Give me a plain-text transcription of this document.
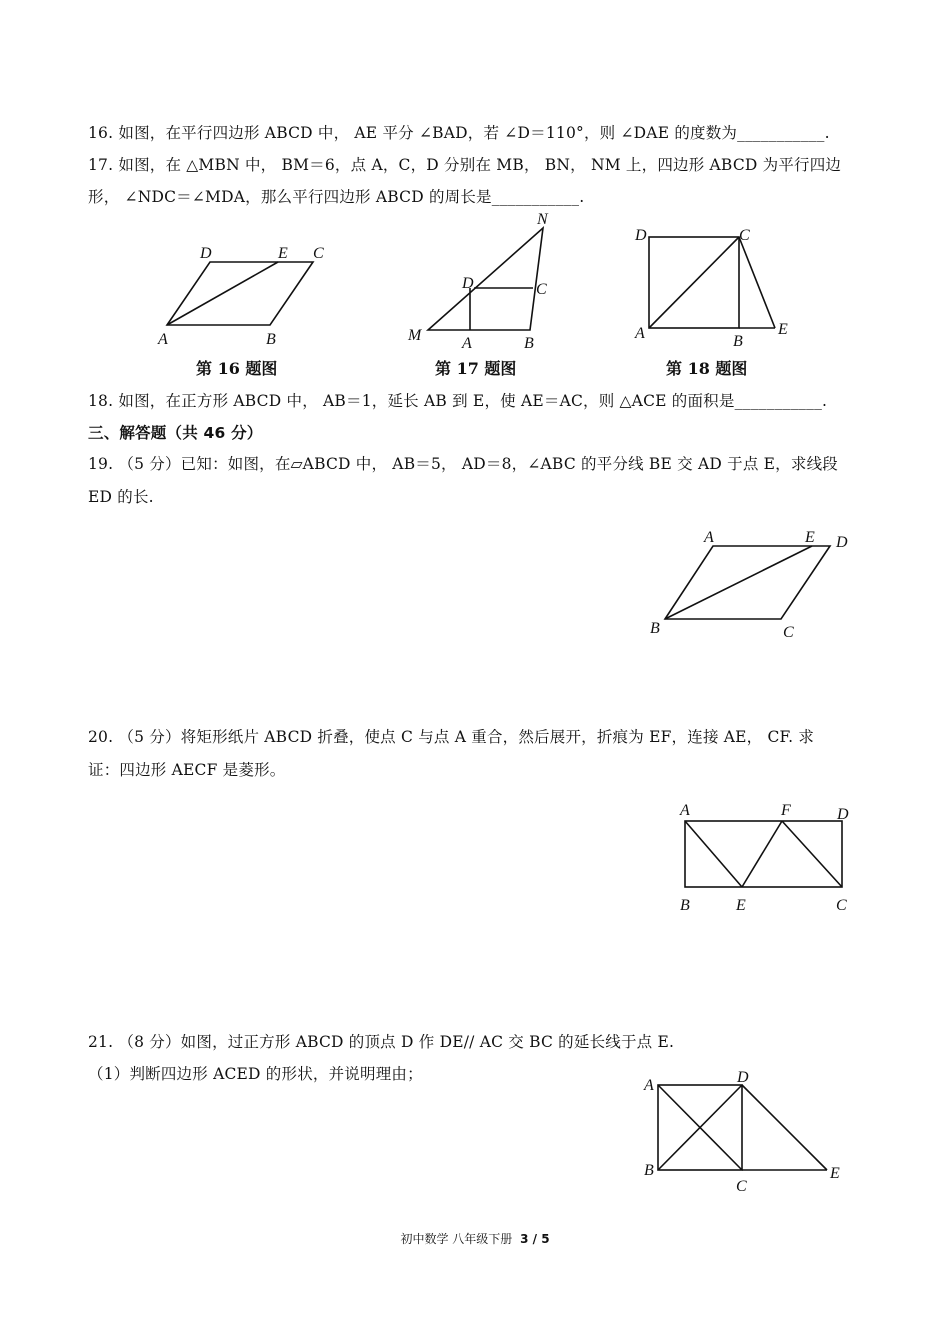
16. 如图，在平行四边形 ABCD 中， AE 平分 ∠BAD，若 ∠D＝110°，则 ∠DAE 的度数为___________.
17. 如图，在 △MBN 中， BM＝6，点 A，C，D 分别在 MB， BN， NM 上，四边形 ABCD 为平行四边
形， ∠NDC＝∠MDA，那么平行四边形 ABCD 的周长是___________.
A
D	E C
B
第 16 题图
M
N
D	C
A	B
第 17 题图
D	C
A	B
E
第 18 题图
18. 如图，在正方形 ABCD 中， AB＝1，延长 AB 到 E，使 AE＝AC，则 △ACE 的面积是___________.
三、解答题（共 46 分）
19. （5 分）已知：如图，在▱ABCD 中， AB＝5， AD＝8，∠ABC 的平分线 BE 交 AD 于点 E，求线段
ED 的长.
A	E D
B	C
20. （5 分）将矩形纸片 ABCD 折叠，使点 C 与点 A 重合，然后展开，折痕为 EF，连接 AE， CF. 求
证：四边形 AECF 是菱形。
A	F	D
B	E	C
21. （8 分）如图，过正方形 ABCD 的顶点 D 作 DE// AC 交 BC 的延长线于点 E.
（1）判断四边形 ACED 的形状，并说明理由；
A	D
B
C
E
初中数学 八年级下册 3 / 5
